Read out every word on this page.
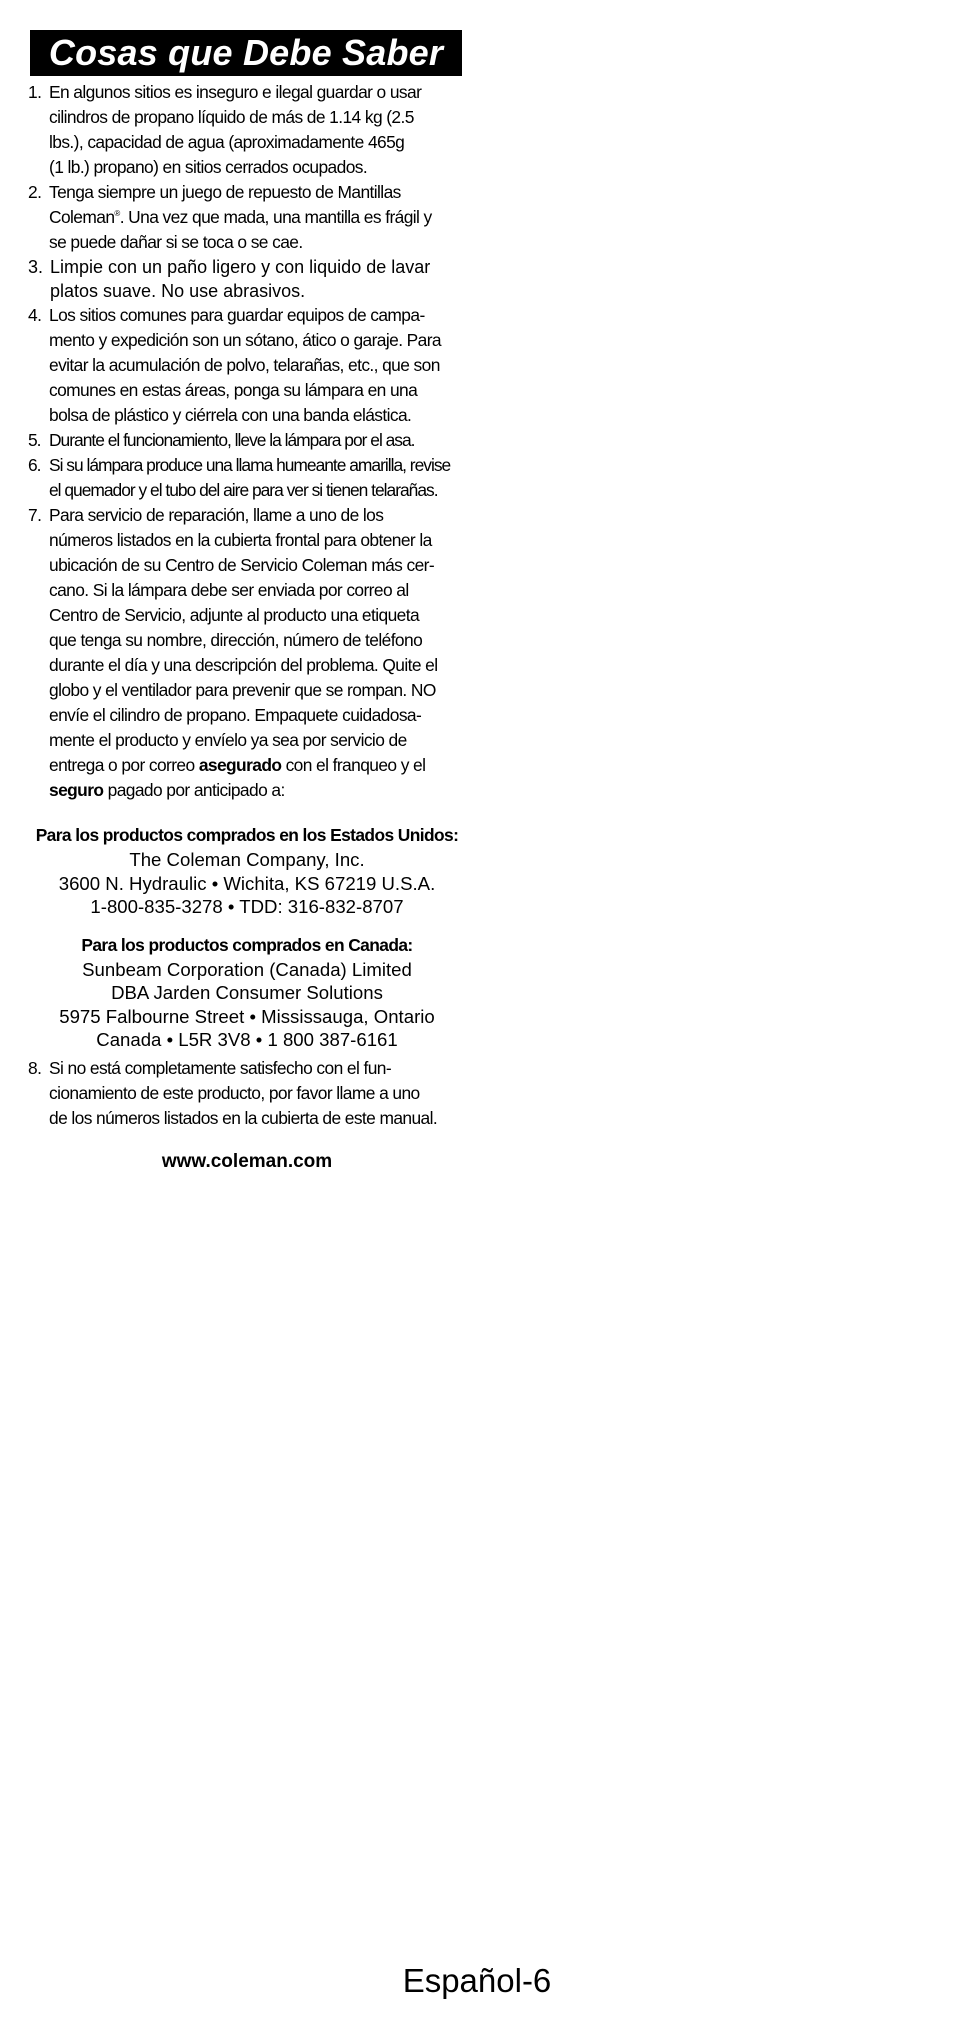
Cosas que Debe Saber
1. En algunos sitios es inseguro e ilegal guardar o usar
cilindros de propano líquido de más de 1.14 kg (2.5
lbs.), capacidad de agua (aproximadamente 465g
(1 lb.) propano) en sitios cerrados ocupados.
2. Tenga siempre un juego de repuesto de Mantillas
Coleman®. Una vez que mada, una mantilla es frágil y
se puede dañar si se toca o se cae.
3. Limpie con un paño ligero y con liquido de lavar
platos suave. No use abrasivos.
4. Los sitios comunes para guardar equipos de campa-
mento y expedición son un sótano, ático o garaje. Para
evitar la acumulación de polvo, telarañas, etc., que son
comunes en estas áreas, ponga su lámpara en una
bolsa de plástico y ciérrela con una banda elástica.
5. Durante el funcionamiento, lleve la lámpara por el asa.
6. Si su lámpara produce una llama humeante amarilla, revise
el quemador y el tubo del aire para ver si tienen telarañas.
7. Para servicio de reparación, llame a uno de los
números listados en la cubierta frontal para obtener la
ubicación de su Centro de Servicio Coleman más cer-
cano. Si la lámpara debe ser enviada por correo al
Centro de Servicio, adjunte al producto una etiqueta
que tenga su nombre, dirección, número de teléfono
durante el día y una descripción del problema. Quite el
globo y el ventilador para prevenir que se rompan. NO
envíe el cilindro de propano. Empaquete cuidadosa-
mente el producto y envíelo ya sea por servicio de
entrega o por correo asegurado con el franqueo y el
seguro pagado por anticipado a:
Para los productos comprados en los Estados Unidos:
The Coleman Company, Inc.
3600 N. Hydraulic • Wichita, KS 67219 U.S.A.
1-800-835-3278 • TDD: 316-832-8707
Para los productos comprados en Canada:
Sunbeam Corporation (Canada) Limited
DBA Jarden Consumer Solutions
5975 Falbourne Street • Mississauga, Ontario
Canada • L5R 3V8 • 1 800 387-6161
8. Si no está completamente satisfecho con el fun-
cionamiento de este producto, por favor llame a uno
de los números listados en la cubierta de este manual.
www.coleman.com
Español-6
